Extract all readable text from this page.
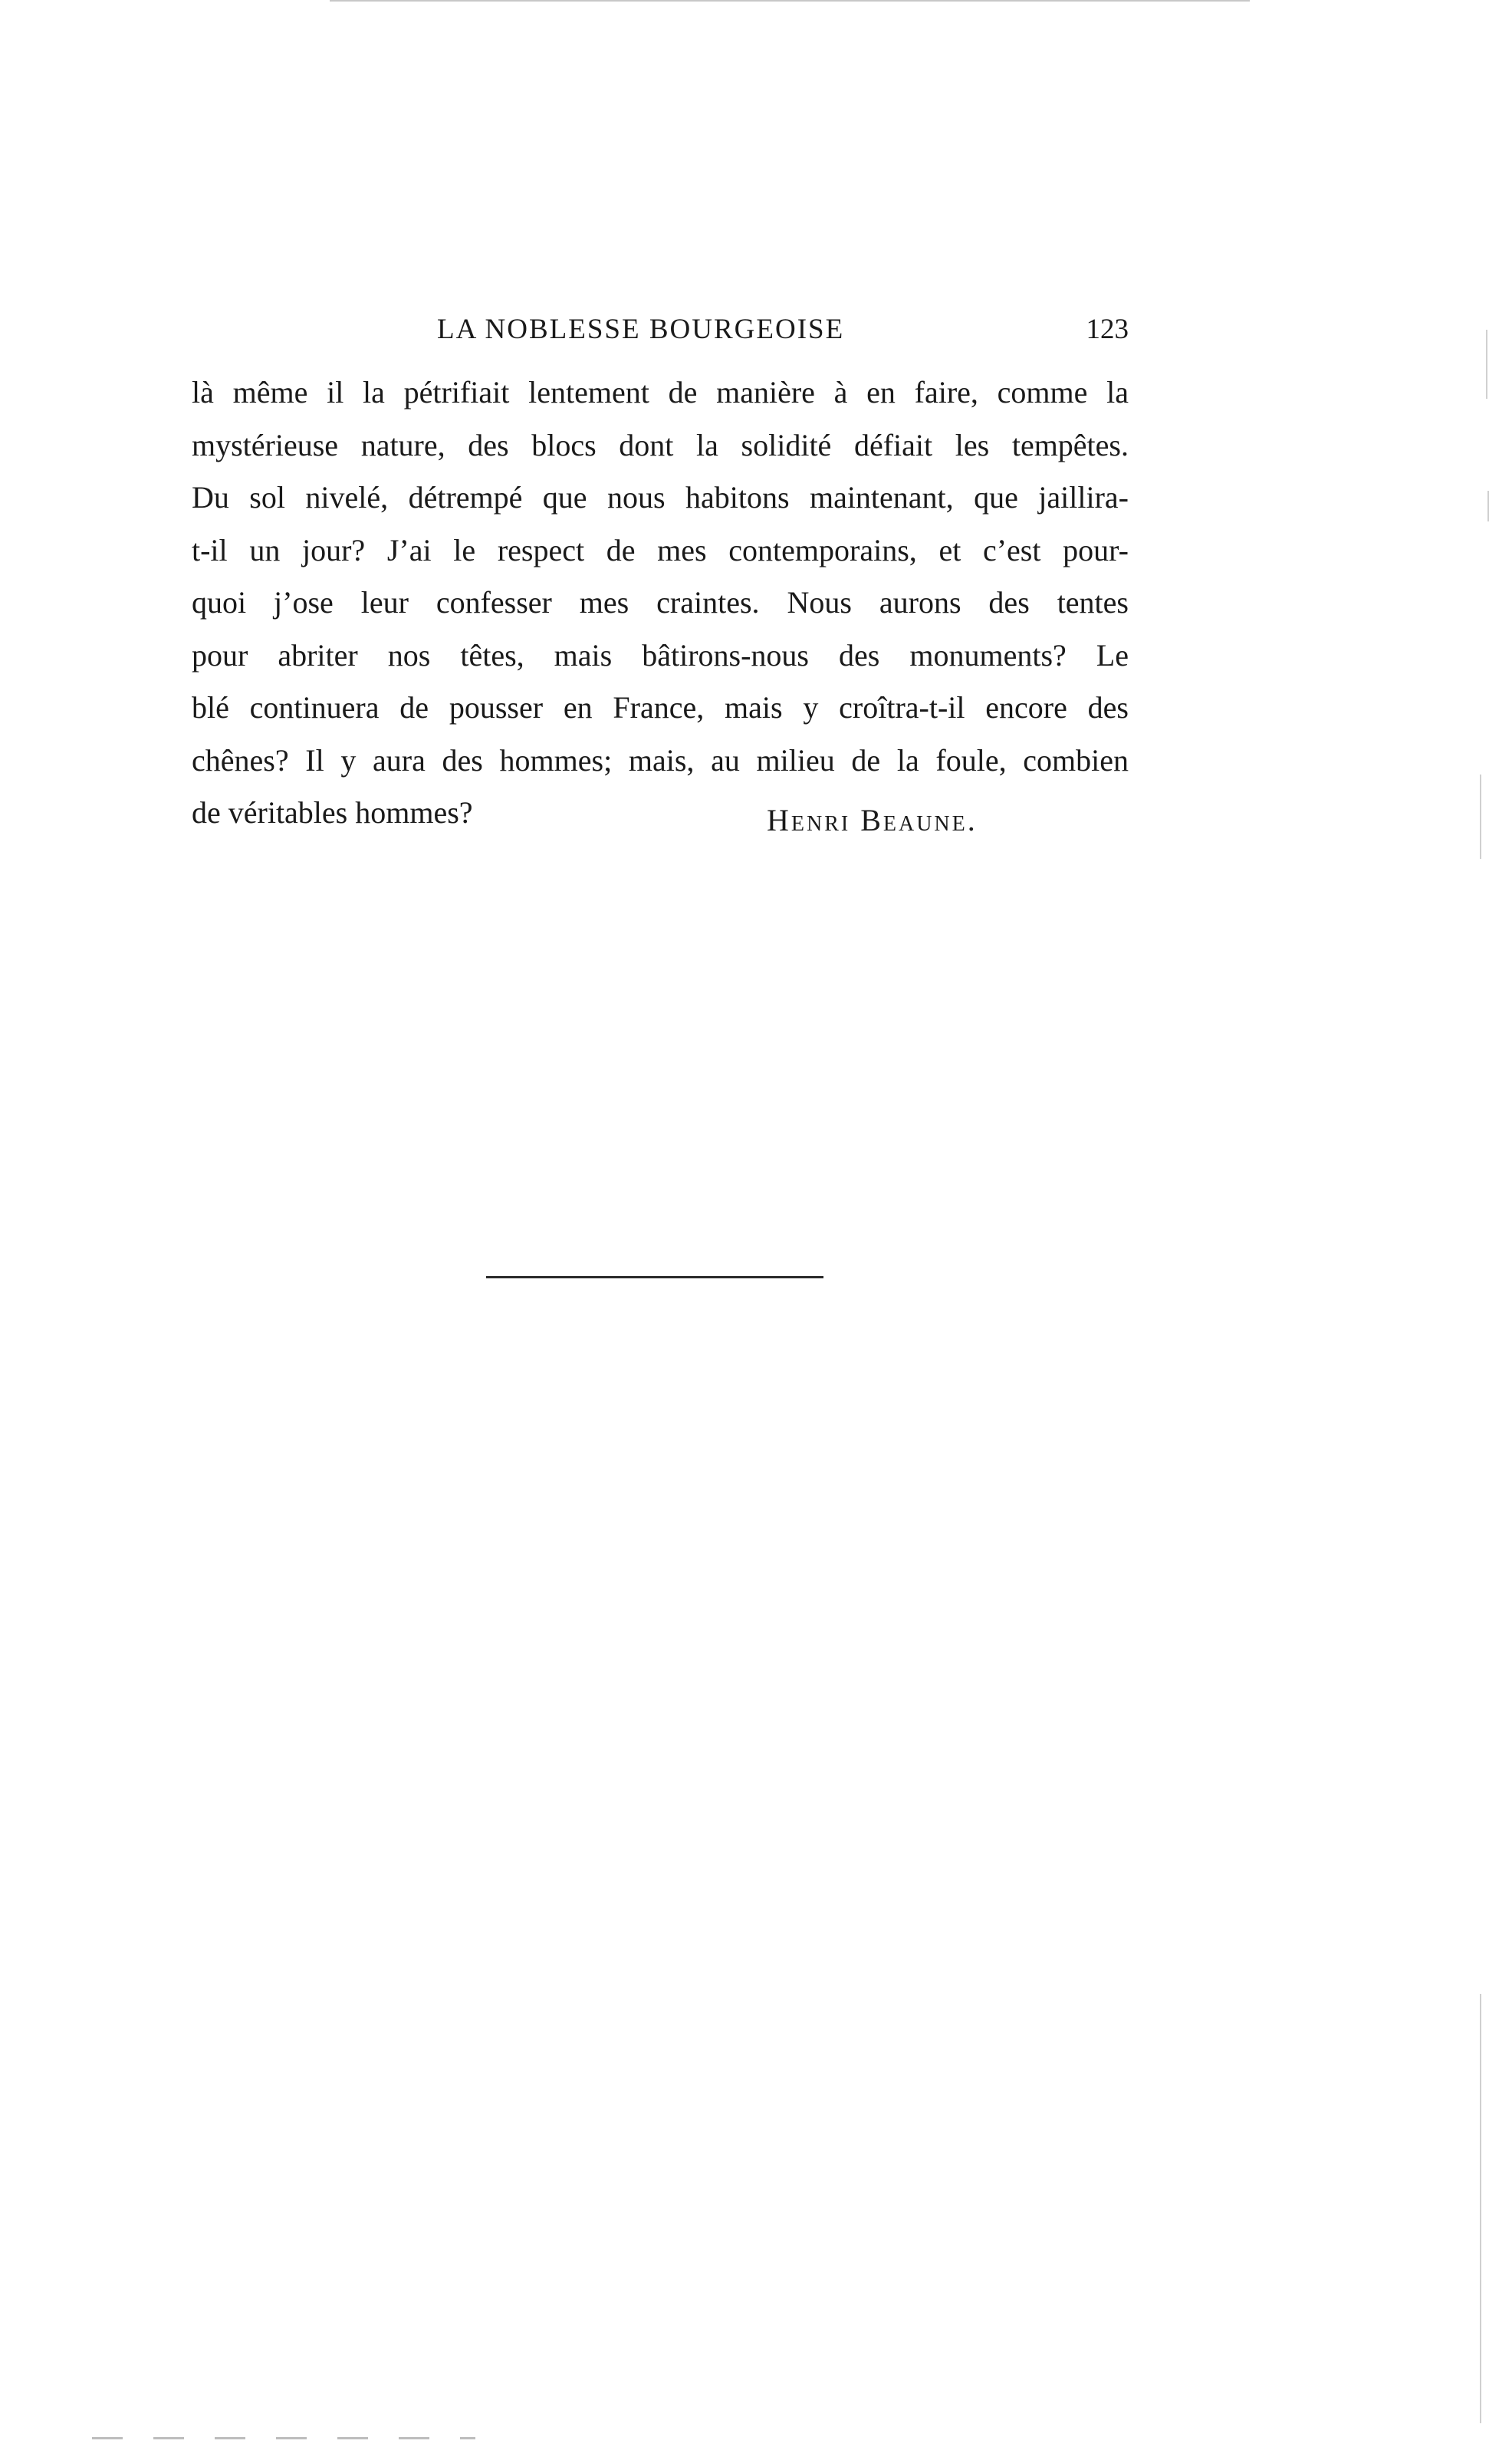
LA NOBLESSE BOURGEOISE	123
là même il la pétrifiait lentement de manière à en faire, comme la
mystérieuse nature, des blocs dont la solidité défiait les tempêtes.
Du sol nivelé, détrempé que nous habitons maintenant, que jaillira-
t-il un jour? J’ai le respect de mes contemporains, et c’est pour-
quoi j’ose leur confesser mes craintes. Nous aurons des tentes
pour abriter nos têtes, mais bâtirons-nous des monuments? Le
blé continuera de pousser en France, mais y croîtra-t-il encore des
chênes? Il y aura des hommes; mais, au milieu de la foule, combien
de véritables hommes?	Henri Beaune.
